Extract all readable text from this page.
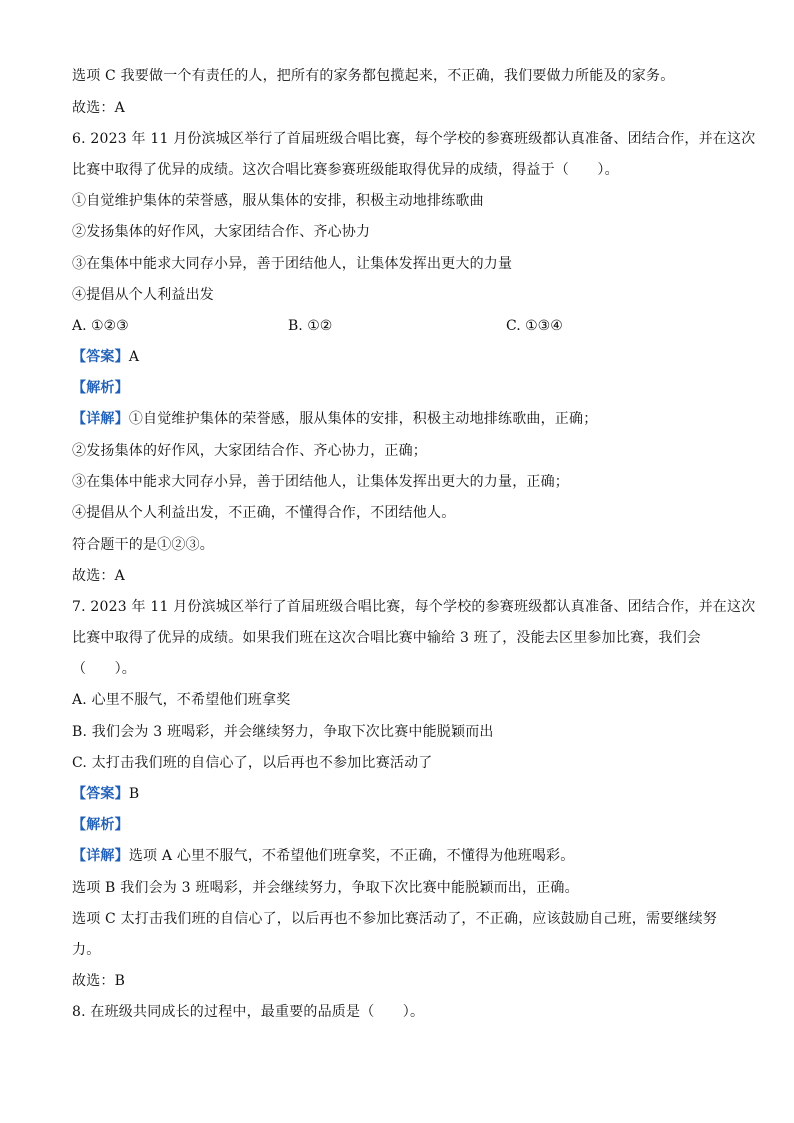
选项 C 我要做一个有责任的人，把所有的家务都包揽起来，不正确，我们要做力所能及的家务。
故选：A
6. 2023 年 11 月份滨城区举行了首届班级合唱比赛，每个学校的参赛班级都认真准备、团结合作，并在这次
比赛中取得了优异的成绩。这次合唱比赛参赛班级能取得优异的成绩，得益于（　　）。
①自觉维护集体的荣誉感，服从集体的安排，积极主动地排练歌曲
②发扬集体的好作风，大家团结合作、齐心协力
③在集体中能求大同存小异，善于团结他人，让集体发挥出更大的力量
④提倡从个人利益出发
A. ①②③	B. ①②	C. ①③④
【答案】A
【解析】
【详解】①自觉维护集体的荣誉感，服从集体的安排，积极主动地排练歌曲，正确；
②发扬集体的好作风，大家团结合作、齐心协力，正确；
③在集体中能求大同存小异，善于团结他人，让集体发挥出更大的力量，正确；
④提倡从个人利益出发，不正确，不懂得合作，不团结他人。
符合题干的是①②③。
故选：A
7. 2023 年 11 月份滨城区举行了首届班级合唱比赛，每个学校的参赛班级都认真准备、团结合作，并在这次
比赛中取得了优异的成绩。如果我们班在这次合唱比赛中输给 3 班了，没能去区里参加比赛，我们会
（　　）。
A. 心里不服气，不希望他们班拿奖
B. 我们会为 3 班喝彩，并会继续努力，争取下次比赛中能脱颖而出
C. 太打击我们班的自信心了，以后再也不参加比赛活动了
【答案】B
【解析】
【详解】选项 A 心里不服气，不希望他们班拿奖，不正确，不懂得为他班喝彩。
选项 B 我们会为 3 班喝彩，并会继续努力，争取下次比赛中能脱颖而出，正确。
选项 C 太打击我们班的自信心了，以后再也不参加比赛活动了，不正确，应该鼓励自己班，需要继续努
力。
故选：B
8. 在班级共同成长的过程中，最重要的品质是（　　）。
